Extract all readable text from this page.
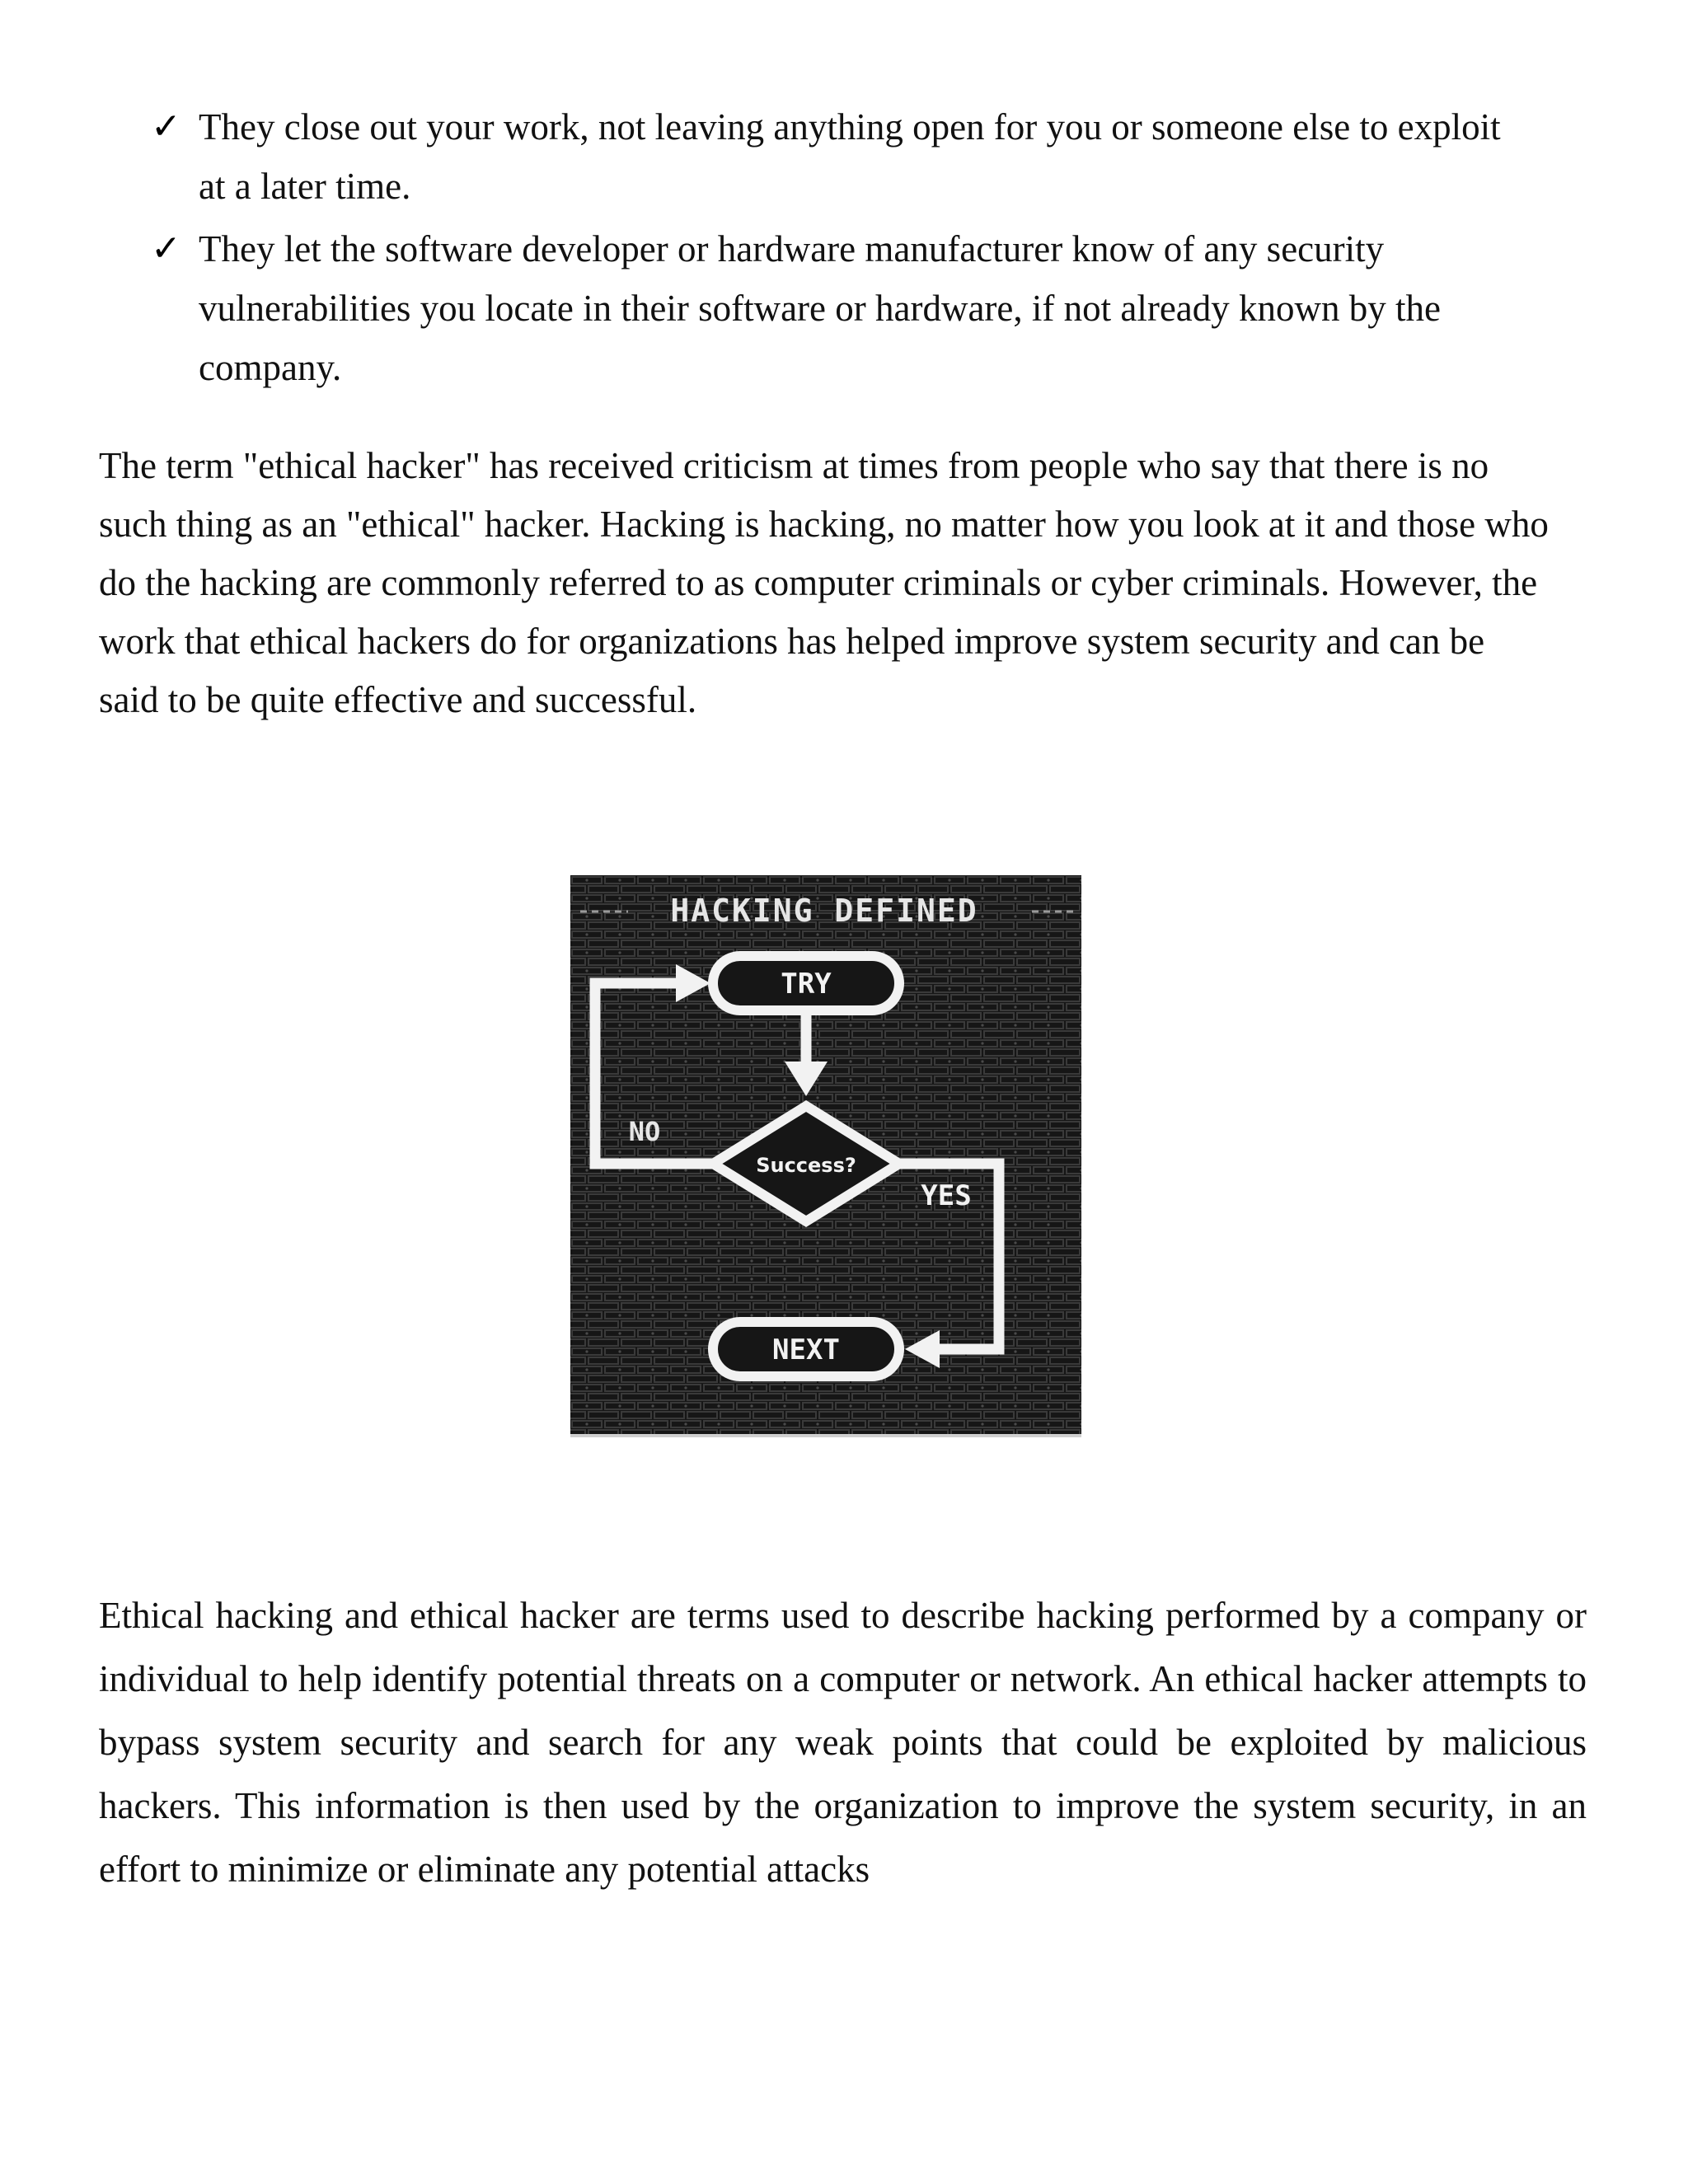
✓ They close out your work, not leaving anything open for you or someone else to exploit at a later time.
✓ They let the software developer or hardware manufacturer know of any security vulnerabilities you locate in their software or hardware, if not already known by the company.

The term "ethical hacker" has received criticism at times from people who say that there is no such thing as an "ethical" hacker. Hacking is hacking, no matter how you look at it and those who do the hacking are commonly referred to as computer criminals or cyber criminals. However, the work that ethical hackers do for organizations has helped improve system security and can be said to be quite effective and successful.

HACKING DEFINED
TRY
Success?
NO
YES
NEXT

Ethical hacking and ethical hacker are terms used to describe hacking performed by a company or individual to help identify potential threats on a computer or network. An ethical hacker attempts to bypass system security and search for any weak points that could be exploited by malicious hackers. This information is then used by the organization to improve the system security, in an effort to minimize or eliminate any potential attacks
